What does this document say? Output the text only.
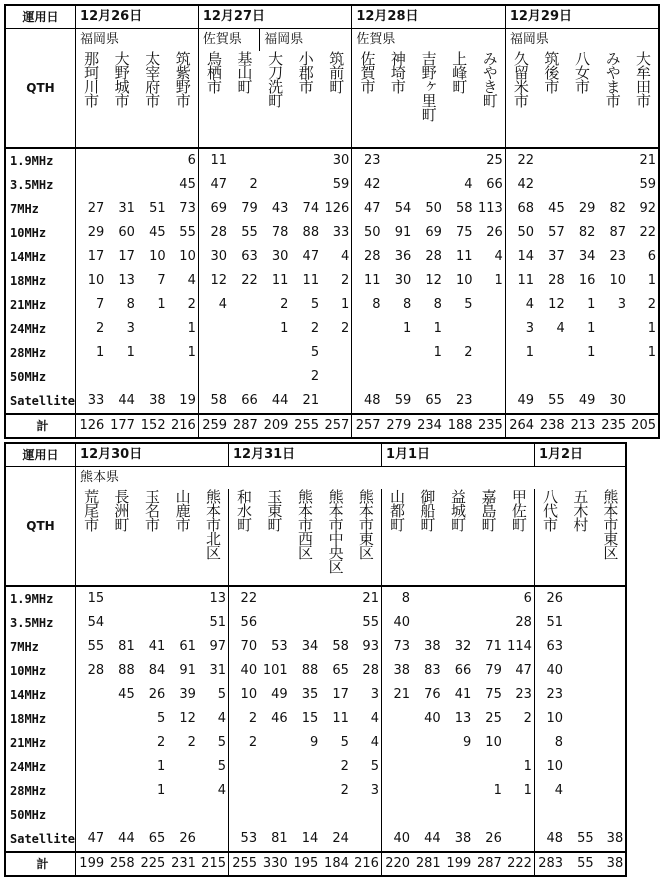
運用日	12月26日				12月27日					12月28日					12月29日				
QTH	福岡県				佐賀県		福岡県			佐賀県					福岡県				

	那珂川市	大野城市	太宰府市	筑紫野市	鳥栖市	基山町	大刀洗町	小郡市	筑前町	佐賀市	神埼市	吉野ヶ里町	上峰町	みやき町	久留米市	筑後市	八女市	みやま市	大牟田市

1.9MHz				6	11				30	23				25	22				21
3.5MHz				45	47	2			59	42			4	66	42				59
7MHz	27	31	51	73	69	79	43	74	126	47	54	50	58	113	68	45	29	82	92
10MHz	29	60	45	55	28	55	78	88	33	50	91	69	75	26	50	57	82	87	22
14MHz	17	17	10	10	30	63	30	47	4	28	36	28	11	4	14	37	34	23	6
18MHz	10	13	7	4	12	22	11	11	2	11	30	12	10	1	11	28	16	10	1
21MHz	7	8	1	2	4		2	5	1	8	8	8	5		4	12	1	3	2
24MHz	2	3		1			1	2	2		1	1			3	4	1		1
28MHz	1	1		1				5				1	2		1		1		1
50MHz								2											
Satellite	33	44	38	19	58	66	44	21		48	59	65	23		49	55	49	30	
計	126	177	152	216	259	287	209	255	257	257	279	234	188	235	264	238	213	235	205
運用日	12月30日					12月31日					1月1日					1月2日		
QTH	熊本県																	

	荒尾市	長洲町	玉名市	山鹿市	熊本市北区	和水町	玉東町	熊本市西区	熊本市中央区	熊本市東区	山都町	御船町	益城町	嘉島町	甲佐町	八代市	五木村	熊本市東区

1.9MHz	15				13	22				21	8				6	26		
3.5MHz	54				51	56				55	40				28	51		
7MHz	55	81	41	61	97	70	53	34	58	93	73	38	32	71	114	63		
10MHz	28	88	84	91	31	40	101	88	65	28	38	83	66	79	47	40		
14MHz		45	26	39	5	10	49	35	17	3	21	76	41	75	23	23		
18MHz			5	12	4	2	46	15	11	4		40	13	25	2	10		
21MHz			2	2	5	2		9	5	4			9	10		8		
24MHz			1		5				2	5					1	10		
28MHz			1		4				2	3				1	1	4		
50MHz																		
Satellite	47	44	65	26		53	81	14	24		40	44	38	26		48	55	38
計	199	258	225	231	215	255	330	195	184	216	220	281	199	287	222	283	55	38
